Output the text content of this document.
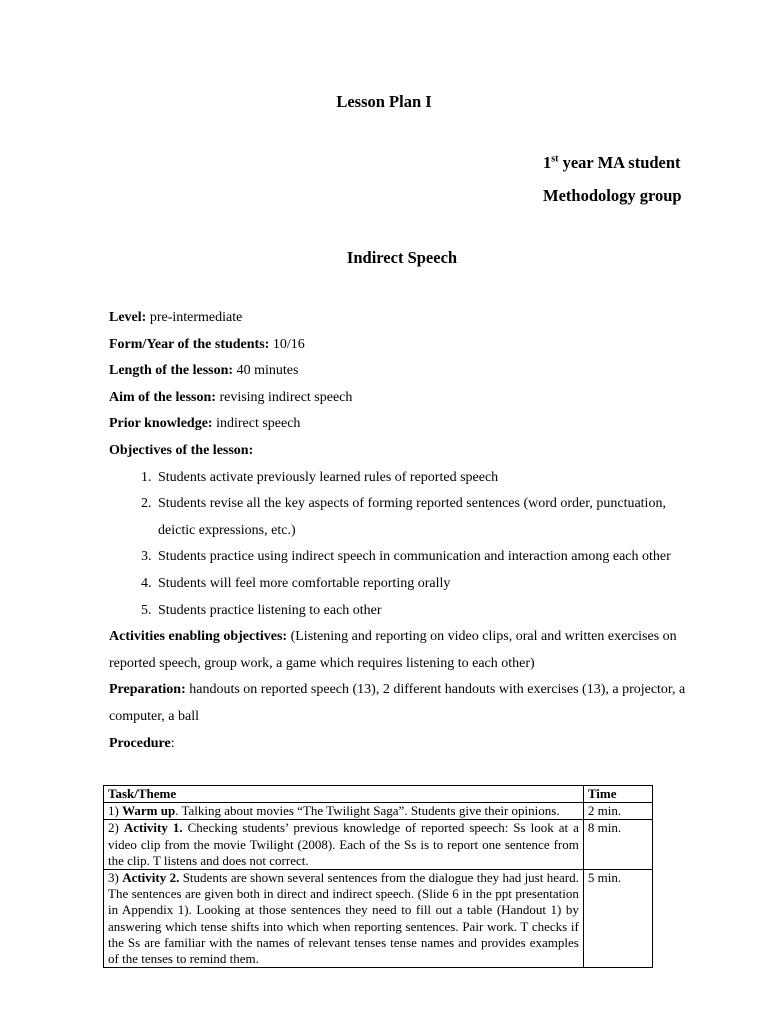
Lesson Plan I
1st year MA student
Methodology group
Indirect Speech

Level: pre-intermediate

Form/Year of the students: 10/16

Length of the lesson: 40 minutes

Aim of the lesson: revising indirect speech

Prior knowledge: indirect speech

Objectives of the lesson:

1. Students activate previously learned rules of reported speech
2. Students revise all the key aspects of forming reported sentences (word order, punctuation, deictic expressions, etc.)
3. Students practice using indirect speech in communication and interaction among each other
4. Students will feel more comfortable reporting orally
5. Students practice listening to each other

Activities enabling objectives: (Listening and reporting on video clips, oral and written exercises on reported speech, group work, a game which requires listening to each other)

Preparation: handouts on reported speech (13), 2 different handouts with exercises (13), a projector, a computer, a ball

Procedure:

Task/Theme	Time
1) Warm up. Talking about movies “The Twilight Saga”. Students give their opinions.	2 min.
2) Activity 1. Checking students’ previous knowledge of reported speech: Ss look at a video clip from the movie Twilight (2008). Each of the Ss is to report one sentence from the clip. T listens and does not correct.	8 min.
3) Activity 2. Students are shown several sentences from the dialogue they had just heard. The sentences are given both in direct and indirect speech. (Slide 6 in the ppt presentation in Appendix 1). Looking at those sentences they need to fill out a table (Handout 1) by answering which tense shifts into which when reporting sentences. Pair work. T checks if the Ss are familiar with the names of relevant tenses tense names and provides examples of the tenses to remind them.	5 min.
